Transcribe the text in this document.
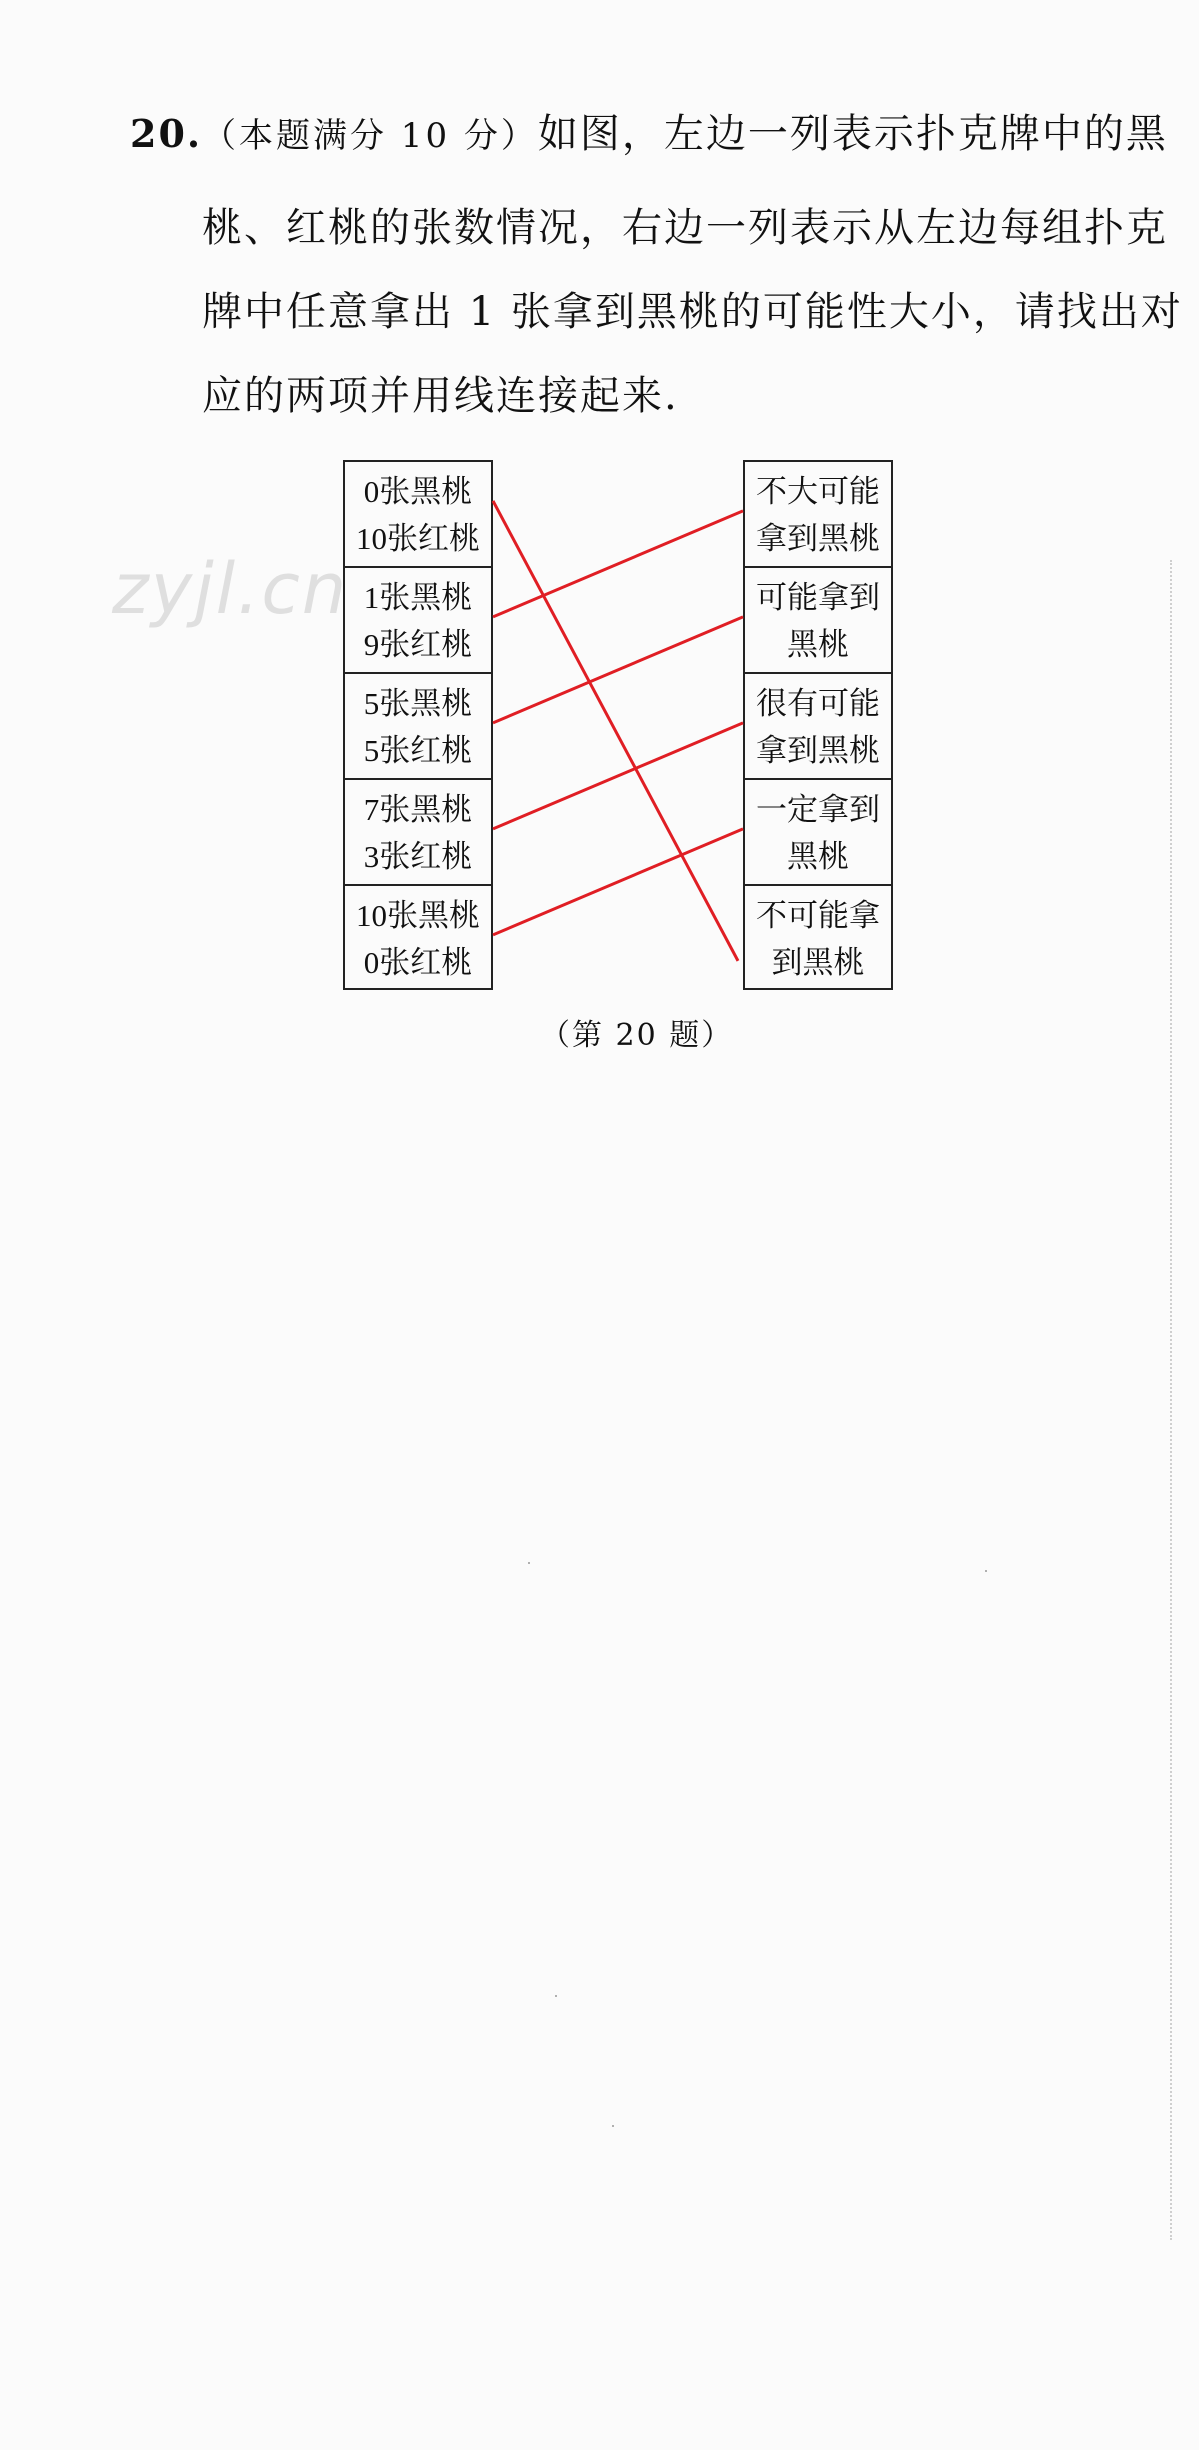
20. （本题满分 10 分）如图，左边一列表示扑克牌中的黑
桃、红桃的张数情况，右边一列表示从左边每组扑克
牌中任意拿出 1 张拿到黑桃的可能性大小，请找出对
应的两项并用线连接起来.
zyjl.cn
0张黑桃
10张红桃
1张黑桃
9张红桃
5张黑桃
5张红桃
7张黑桃
3张红桃
10张黑桃
0张红桃
不大可能
拿到黑桃
可能拿到
黑桃
很有可能
拿到黑桃
一定拿到
黑桃
不可能拿
到黑桃
（第 20 题）
